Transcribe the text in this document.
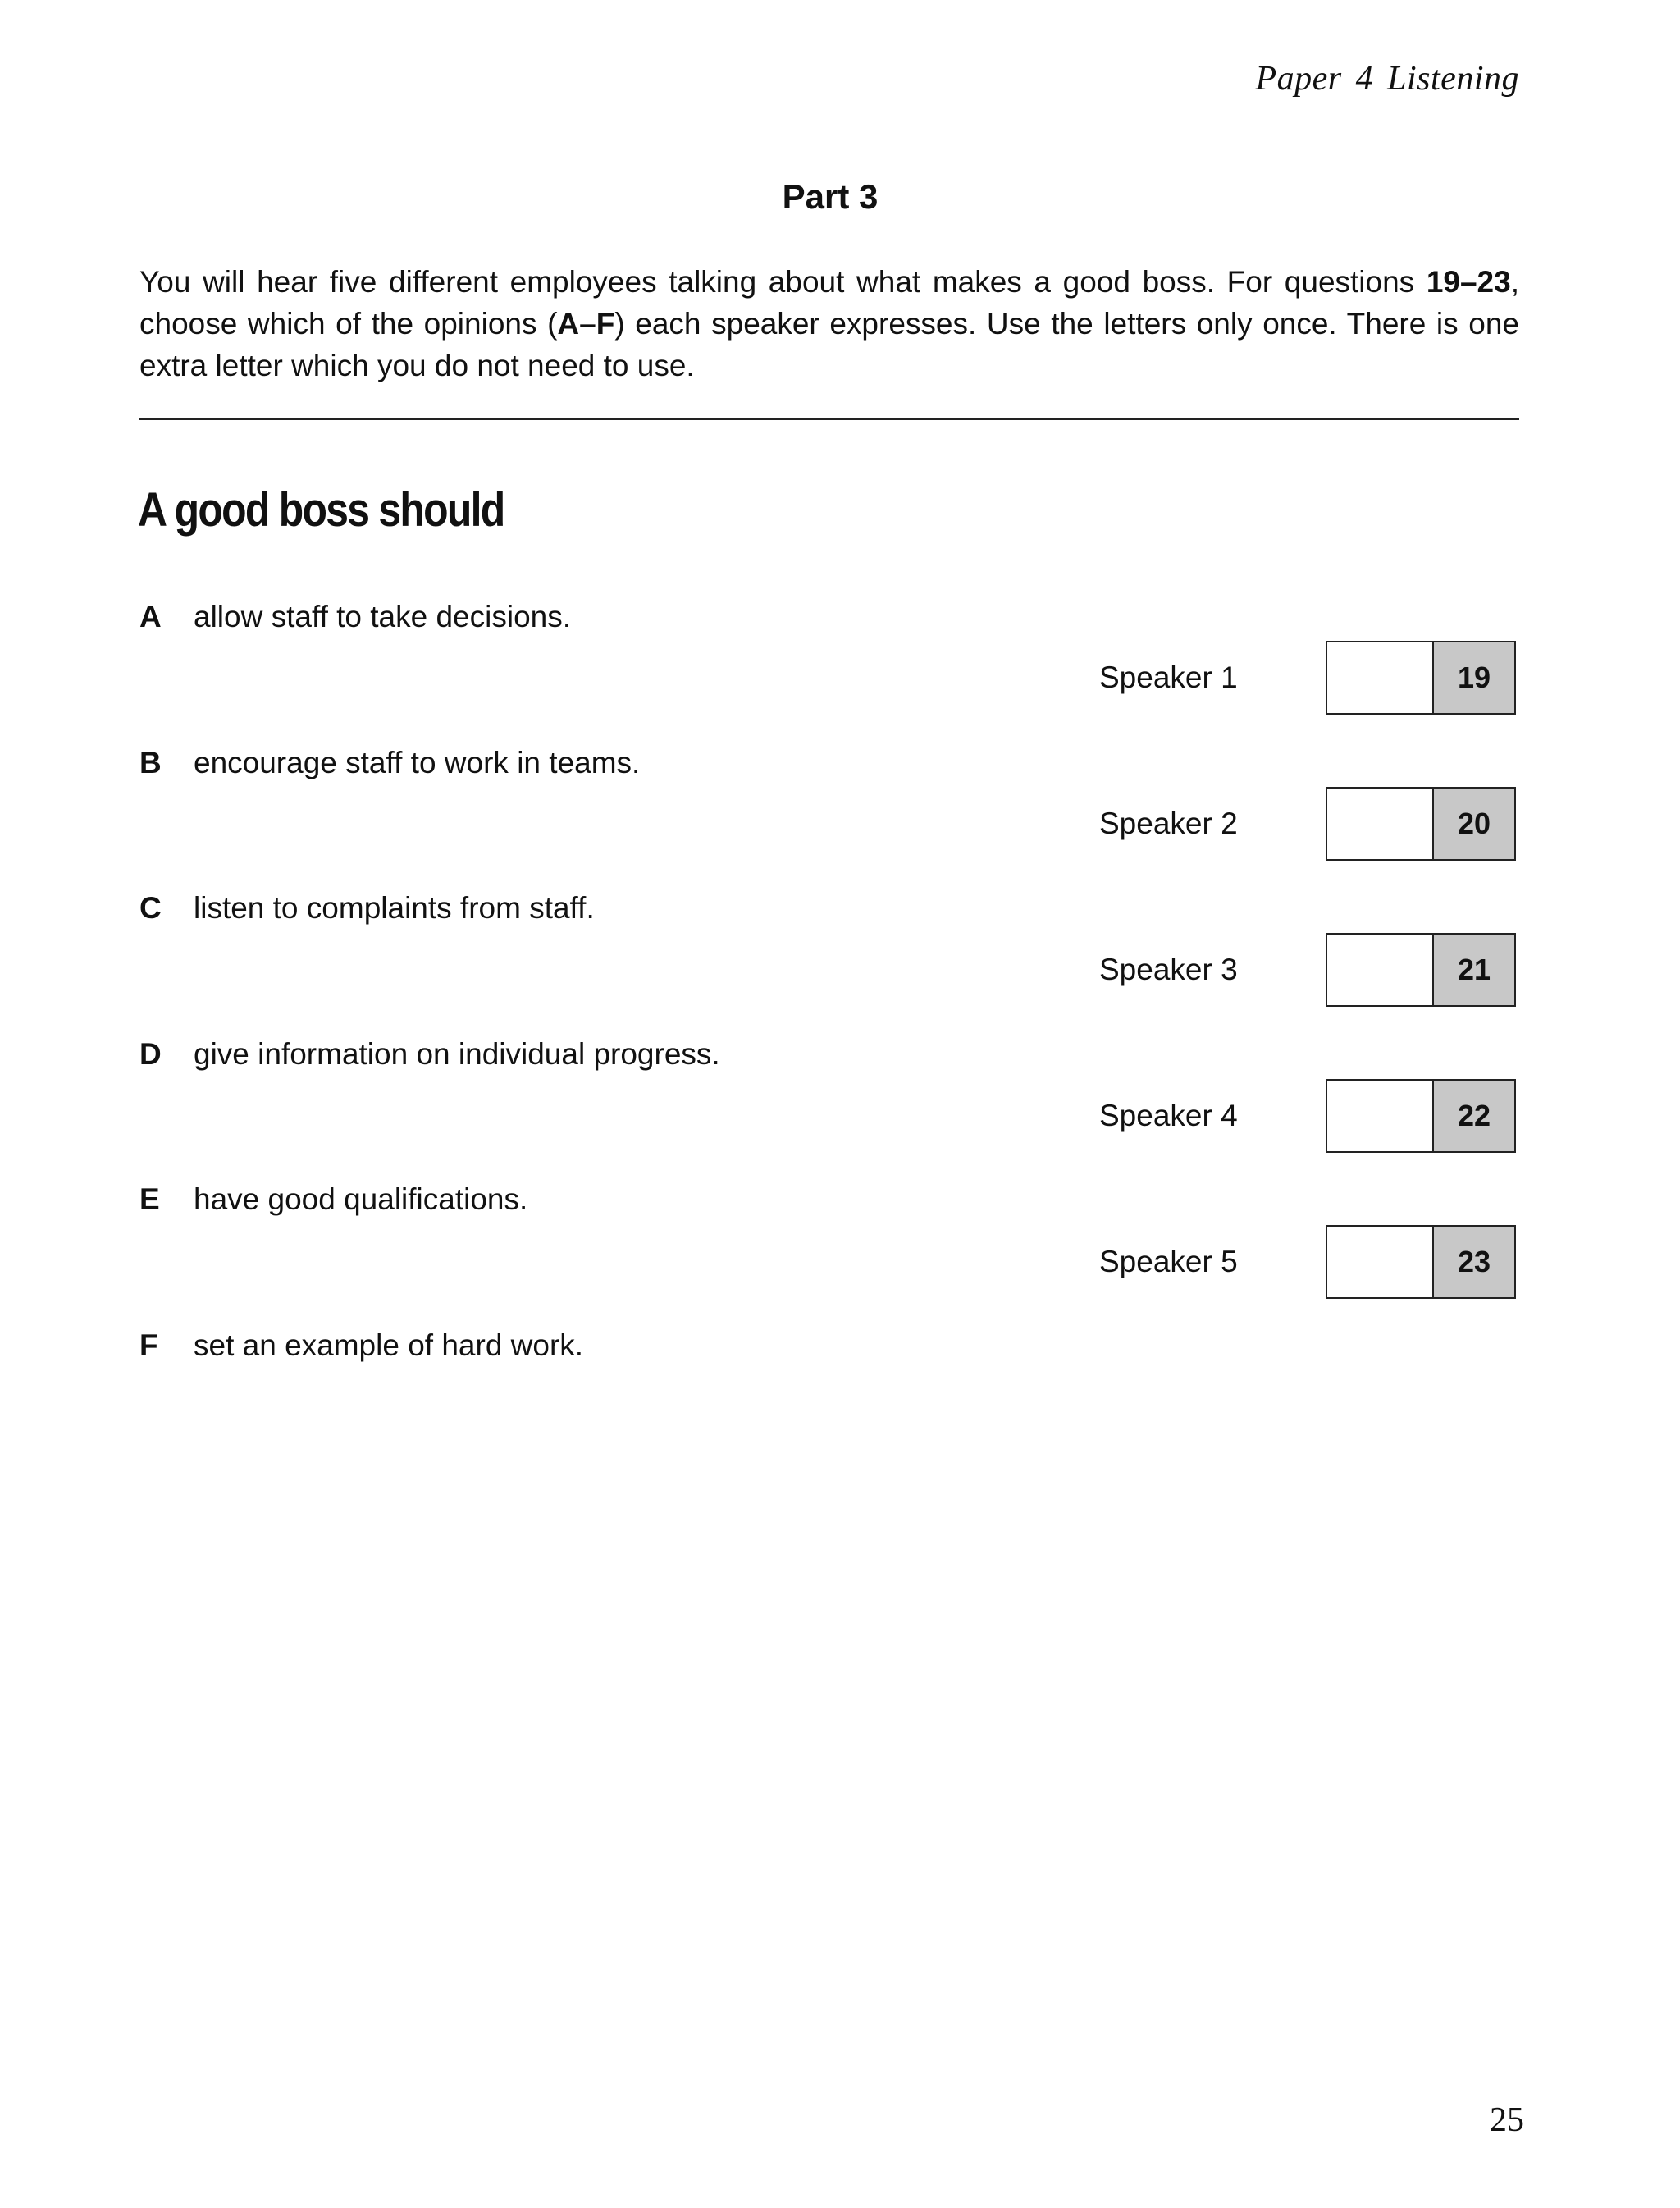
Paper 4 Listening
Part 3
You will hear five different employees talking about what makes a good boss. For questions 19–23, choose which of the opinions (A–F) each speaker expresses. Use the letters only once. There is one extra letter which you do not need to use.
A good boss should
A allow staff to take decisions.
B encourage staff to work in teams.
C listen to complaints from staff.
D give information on individual progress.
E have good qualifications.
F set an example of hard work.
Speaker 1	19
Speaker 2	20
Speaker 3	21
Speaker 4	22
Speaker 5	23
25
